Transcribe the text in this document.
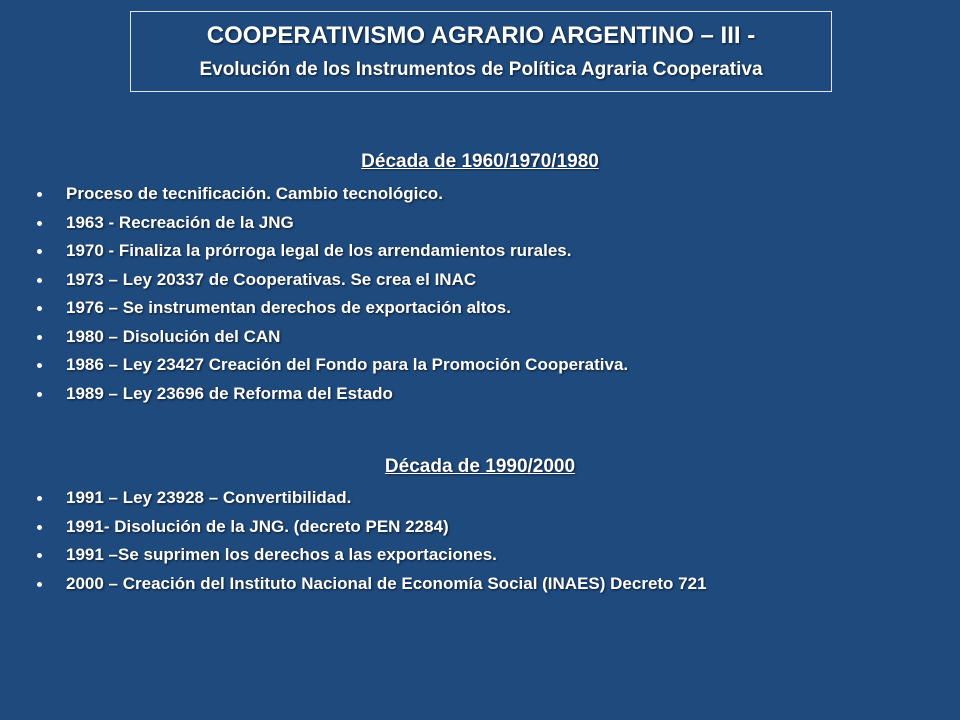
COOPERATIVISMO AGRARIO ARGENTINO – III -
Evolución de los Instrumentos de Política Agraria Cooperativa
Década de 1960/1970/1980
Proceso de tecnificación. Cambio tecnológico.
1963 - Recreación de la JNG
1970 - Finaliza la prórroga legal de los arrendamientos rurales.
1973 – Ley 20337 de Cooperativas. Se crea el INAC
1976 – Se instrumentan derechos de exportación altos.
1980 – Disolución del CAN
1986 – Ley 23427 Creación del Fondo para la Promoción Cooperativa.
1989 – Ley 23696 de Reforma del Estado
Década de 1990/2000
1991 – Ley 23928 – Convertibilidad.
1991- Disolución de la JNG. (decreto PEN 2284)
1991 –Se suprimen los derechos a las exportaciones.
2000 – Creación del Instituto Nacional de Economía Social (INAES) Decreto 721
